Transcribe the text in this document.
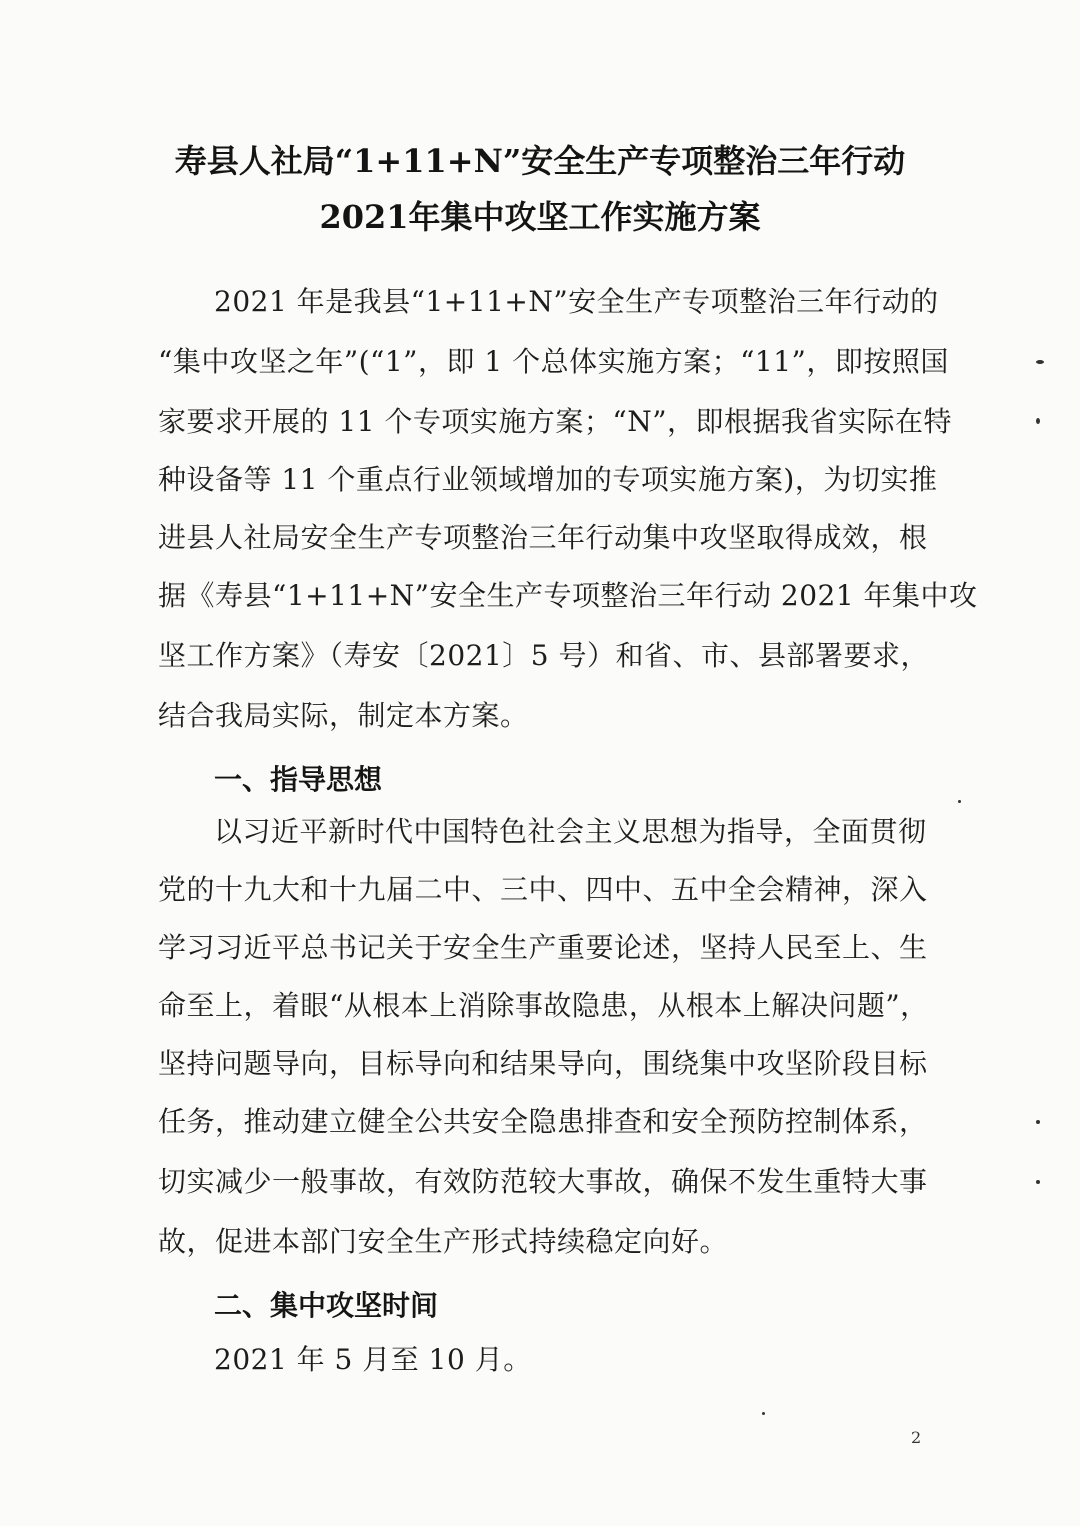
寿县人社局“1+11+N”安全生产专项整治三年行动
2021年集中攻坚工作实施方案
2021 年是我县“1+11+N”安全生产专项整治三年行动的
“集中攻坚之年”(“1”，即 1 个总体实施方案；“11”，即按照国
家要求开展的 11 个专项实施方案；“N”，即根据我省实际在特
种设备等 11 个重点行业领域增加的专项实施方案)，为切实推
进县人社局安全生产专项整治三年行动集中攻坚取得成效，根
据《寿县“1+11+N”安全生产专项整治三年行动 2021 年集中攻
坚工作方案》（寿安〔2021〕5 号）和省、市、县部署要求，
结合我局实际，制定本方案。
一、指导思想
以习近平新时代中国特色社会主义思想为指导，全面贯彻
党的十九大和十九届二中、三中、四中、五中全会精神，深入
学习习近平总书记关于安全生产重要论述，坚持人民至上、生
命至上，着眼“从根本上消除事故隐患，从根本上解决问题”，
坚持问题导向，目标导向和结果导向，围绕集中攻坚阶段目标
任务，推动建立健全公共安全隐患排查和安全预防控制体系，
切实减少一般事故，有效防范较大事故，确保不发生重特大事
故，促进本部门安全生产形式持续稳定向好。
二、集中攻坚时间
2021 年 5 月至 10 月。
2
